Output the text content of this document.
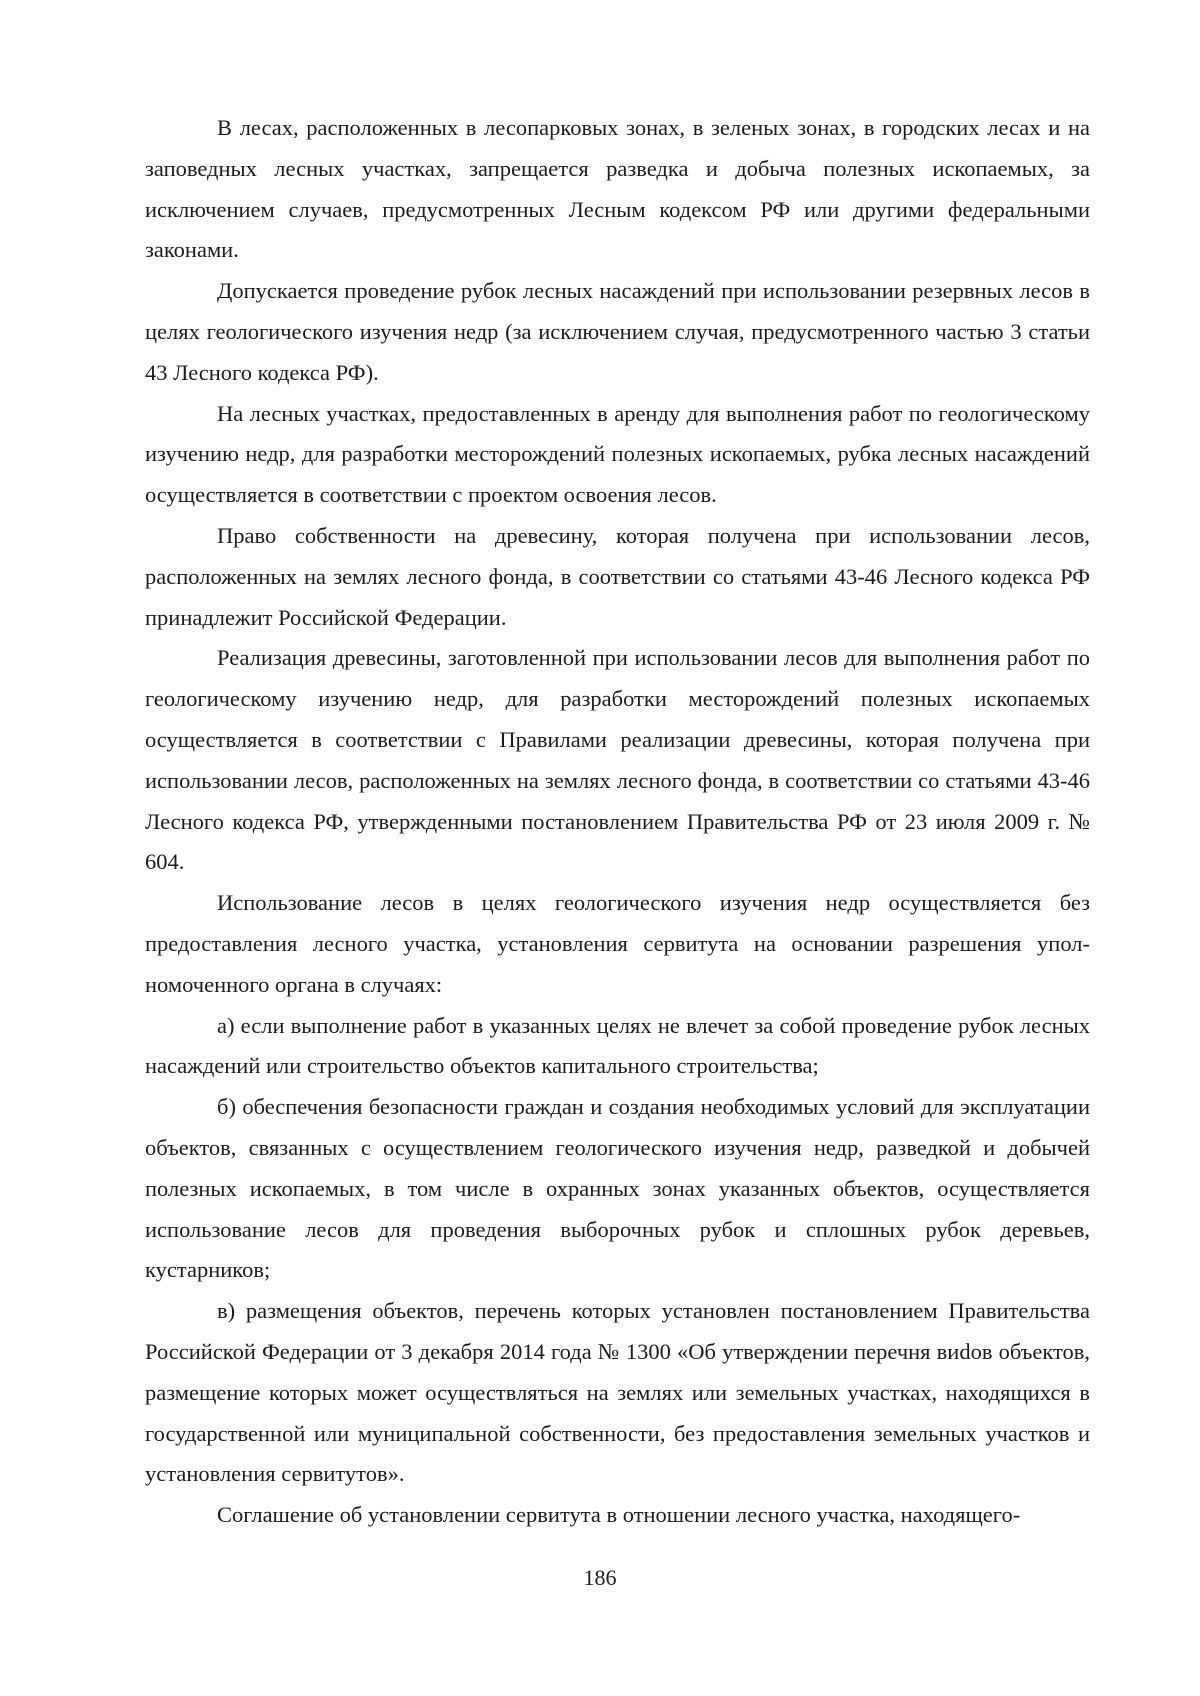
В лесах, расположенных в лесопарковых зонах, в зеленых зонах, в городских лесах и на заповедных лесных участках, запрещается разведка и добыча полезных ископаемых, за исключением случаев, предусмотренных Лесным кодексом РФ или другими федеральными законами.

Допускается проведение рубок лесных насаждений при использовании резервных лесов в целях геологического изучения недр (за исключением случая, предусмотренного частью 3 статьи 43 Лесного кодекса РФ).

На лесных участках, предоставленных в аренду для выполнения работ по геологическому изучению недр, для разработки месторождений полезных ископаемых, рубка лесных насаждений осуществляется в соответствии с проектом освоения лесов.

Право собственности на древесину, которая получена при использовании лесов, расположенных на землях лесного фонда, в соответствии со статьями 43-46 Лесного кодекса РФ принадлежит Российской Федерации.

Реализация древесины, заготовленной при использовании лесов для выполнения работ по геологическому изучению недр, для разработки месторождений полезных ископаемых осуществляется в соответствии с Правилами реализации древесины, которая получена при использовании лесов, расположенных на землях лесного фонда, в соответствии со статьями 43-46 Лесного кодекса РФ, утвержденными постановлением Правительства РФ от 23 июля 2009 г. № 604.

Использование лесов в целях геологического изучения недр осуществляется без предоставления лесного участка, установления сервитута на основании разрешения уполномоченного органа в случаях:

а) если выполнение работ в указанных целях не влечет за собой проведение рубок лесных насаждений или строительство объектов капитального строительства;

б) обеспечения безопасности граждан и создания необходимых условий для эксплуатации объектов, связанных с осуществлением геологического изучения недр, разведкой и добычей полезных ископаемых, в том числе в охранных зонах указанных объектов, осуществляется использование лесов для проведения выборочных рубок и сплошных рубок деревьев, кустарников;

в) размещения объектов, перечень которых установлен постановлением Правительства Российской Федерации от 3 декабря 2014 года № 1300 «Об утверждении перечня виdов объектов, размещение которых может осуществляться на землях или земельных участках, находящихся в государственной или муниципальной собственности, без предоставления земельных участков и установления сервитутов».

Соглашение об установлении сервитута в отношении лесного участка, находящего-

186
